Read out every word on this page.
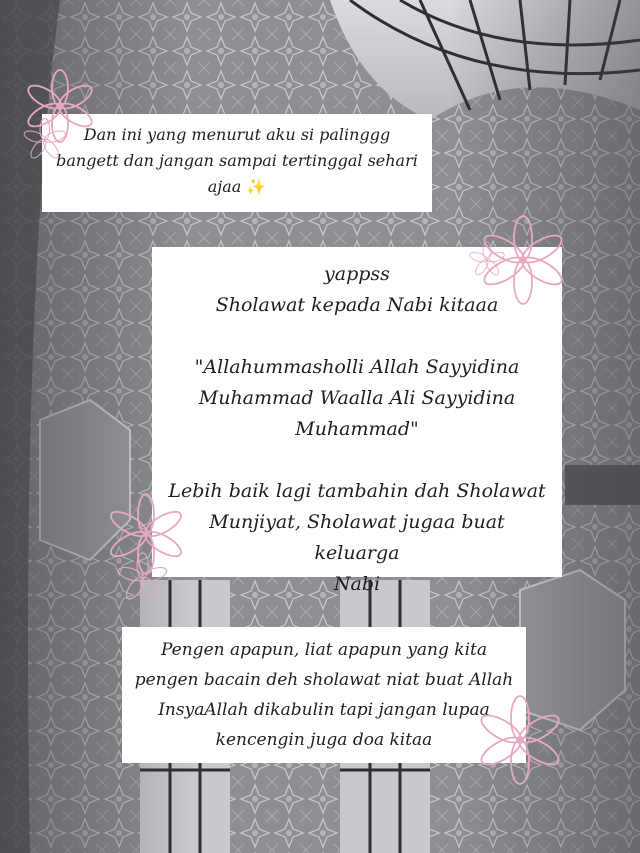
Dan ini yang menurut aku si palinggg

bangett dan jangan sampai tertinggal sehari

ajaa ✨

yappss

Sholawat kepada Nabi kitaaa

"Allahummasholli Allah Sayyidina

Muhammad Waalla Ali Sayyidina

Muhammad"

Lebih baik lagi tambahin dah Sholawat

Munjiyat, Sholawat jugaa buat keluarga

Nabi

Pengen apapun, liat apapun yang kita

pengen bacain deh sholawat niat buat Allah

InsyaAllah dikabulin tapi jangan lupaa

kencengin juga doa kitaa
